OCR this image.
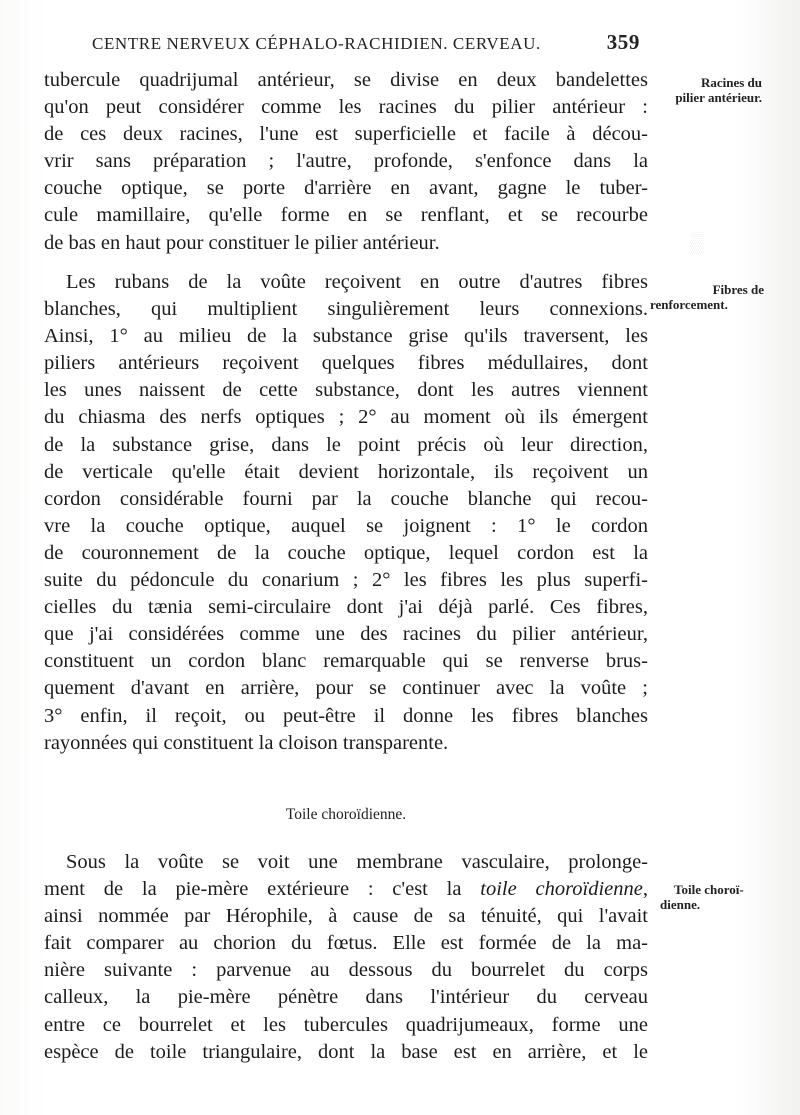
▒
CENTRE NERVEUX CÉPHALO-RACHIDIEN. CERVEAU.	359
tubercule quadrijumal antérieur, se divise en deux bandelettes
qu'on peut considérer comme les racines du pilier antérieur :
de ces deux racines, l'une est superficielle et facile à décou-
vrir sans préparation ; l'autre, profonde, s'enfonce dans la
couche optique, se porte d'arrière en avant, gagne le tuber-
cule mamillaire, qu'elle forme en se renflant, et se recourbe
de bas en haut pour constituer le pilier antérieur.
Les rubans de la voûte reçoivent en outre d'autres fibres
blanches, qui multiplient singulièrement leurs connexions.
Ainsi, 1° au milieu de la substance grise qu'ils traversent, les
piliers antérieurs reçoivent quelques fibres médullaires, dont
les unes naissent de cette substance, dont les autres viennent
du chiasma des nerfs optiques ; 2° au moment où ils émergent
de la substance grise, dans le point précis où leur direction,
de verticale qu'elle était devient horizontale, ils reçoivent un
cordon considérable fourni par la couche blanche qui recou-
vre la couche optique, auquel se joignent : 1° le cordon
de couronnement de la couche optique, lequel cordon est la
suite du pédoncule du conarium ; 2° les fibres les plus superfi-
cielles du tænia semi-circulaire dont j'ai déjà parlé. Ces fibres,
que j'ai considérées comme une des racines du pilier antérieur,
constituent un cordon blanc remarquable qui se renverse brus-
quement d'avant en arrière, pour se continuer avec la voûte ;
3° enfin, il reçoit, ou peut-être il donne les fibres blanches
rayonnées qui constituent la cloison transparente.
Toile choroïdienne.
Sous la voûte se voit une membrane vasculaire, prolonge-
ment de la pie-mère extérieure : c'est la toile choroïdienne,
ainsi nommée par Hérophile, à cause de sa ténuité, qui l'avait
fait comparer au chorion du fœtus. Elle est formée de la ma-
nière suivante : parvenue au dessous du bourrelet du corps
calleux, la pie-mère pénètre dans l'intérieur du cerveau
entre ce bourrelet et les tubercules quadrijumeaux, forme une
espèce de toile triangulaire, dont la base est en arrière, et le
Racines du
pilier antérieur.
Fibres de
renforcement.
Toile choroï-
dienne.
